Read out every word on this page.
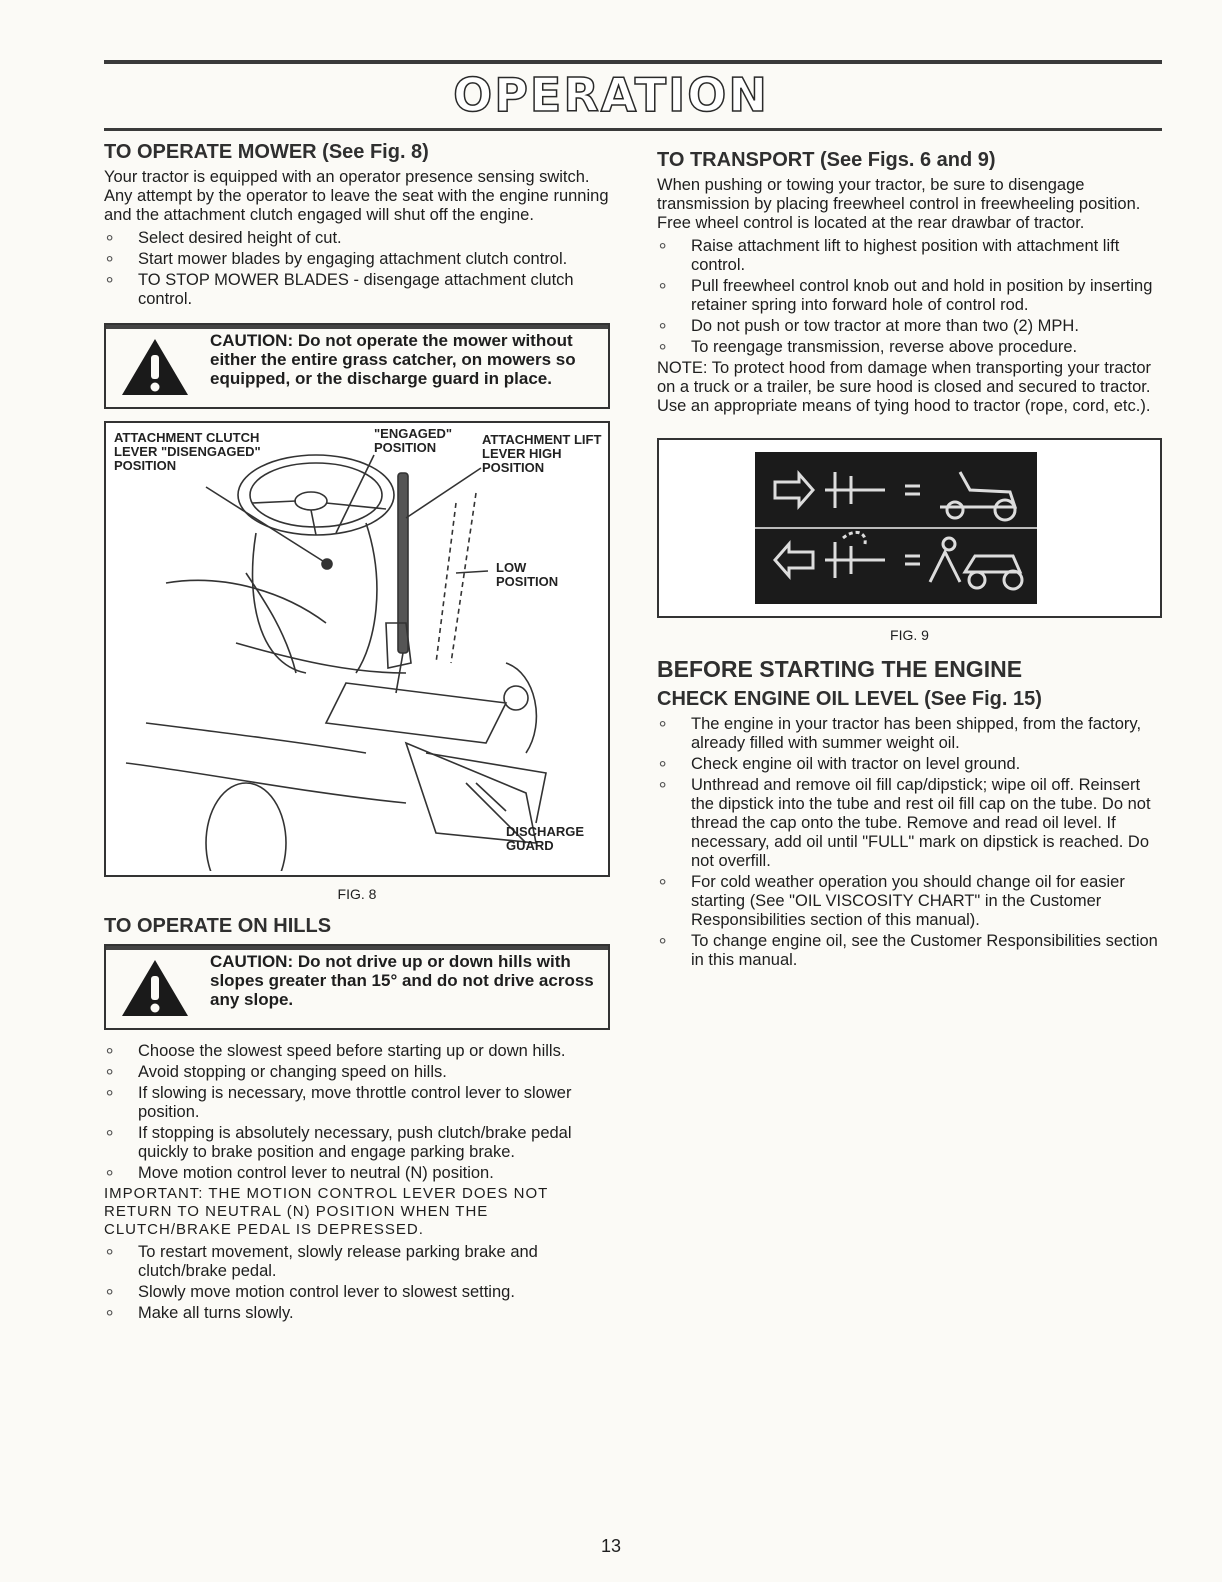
OPERATION
TO OPERATE MOWER (See Fig. 8)

Your tractor is equipped with an operator presence sensing switch. Any attempt by the operator to leave the seat with the engine running and the attachment clutch engaged will shut off the engine.

∘ Select desired height of cut.
∘ Start mower blades by engaging attachment clutch control.
∘ TO STOP MOWER BLADES - disengage attachment clutch control.
CAUTION: Do not operate the mower without either the entire grass catcher, on mowers so equipped, or the discharge guard in place.
ATTACHMENT CLUTCH LEVER "DISENGAGED" POSITION
"ENGAGED" POSITION
ATTACHMENT LIFT LEVER HIGH POSITION
LOW POSITION
DISCHARGE GUARD
FIG. 8
TO OPERATE ON HILLS
CAUTION: Do not drive up or down hills with slopes greater than 15° and do not drive across any slope.
∘ Choose the slowest speed before starting up or down hills.
∘ Avoid stopping or changing speed on hills.
∘ If slowing is necessary, move throttle control lever to slower position.
∘ If stopping is absolutely necessary, push clutch/brake pedal quickly to brake position and engage parking brake.
∘ Move motion control lever to neutral (N) position.

IMPORTANT: THE MOTION CONTROL LEVER DOES NOT RETURN TO NEUTRAL (N) POSITION WHEN THE CLUTCH/BRAKE PEDAL IS DEPRESSED.

∘ To restart movement, slowly release parking brake and clutch/brake pedal.
∘ Slowly move motion control lever to slowest setting.
∘ Make all turns slowly.
TO TRANSPORT (See Figs. 6 and 9)

When pushing or towing your tractor, be sure to disengage transmission by placing freewheel control in freewheeling position. Free wheel control is located at the rear drawbar of tractor.

∘ Raise attachment lift to highest position with attachment lift control.
∘ Pull freewheel control knob out and hold in position by inserting retainer spring into forward hole of control rod.
∘ Do not push or tow tractor at more than two (2) MPH.
∘ To reengage transmission, reverse above procedure.

NOTE: To protect hood from damage when transporting your tractor on a truck or a trailer, be sure hood is closed and secured to tractor. Use an appropriate means of tying hood to tractor (rope, cord, etc.).

FIG. 9
BEFORE STARTING THE ENGINE
CHECK ENGINE OIL LEVEL (See Fig. 15)
∘ The engine in your tractor has been shipped, from the factory, already filled with summer weight oil.
∘ Check engine oil with tractor on level ground.
∘ Unthread and remove oil fill cap/dipstick; wipe oil off. Reinsert the dipstick into the tube and rest oil fill cap on the tube. Do not thread the cap onto the tube. Remove and read oil level. If necessary, add oil until "FULL" mark on dipstick is reached. Do not overfill.
∘ For cold weather operation you should change oil for easier starting (See "OIL VISCOSITY CHART" in the Customer Responsibilities section of this manual).
∘ To change engine oil, see the Customer Responsibilities section in this manual.
13
